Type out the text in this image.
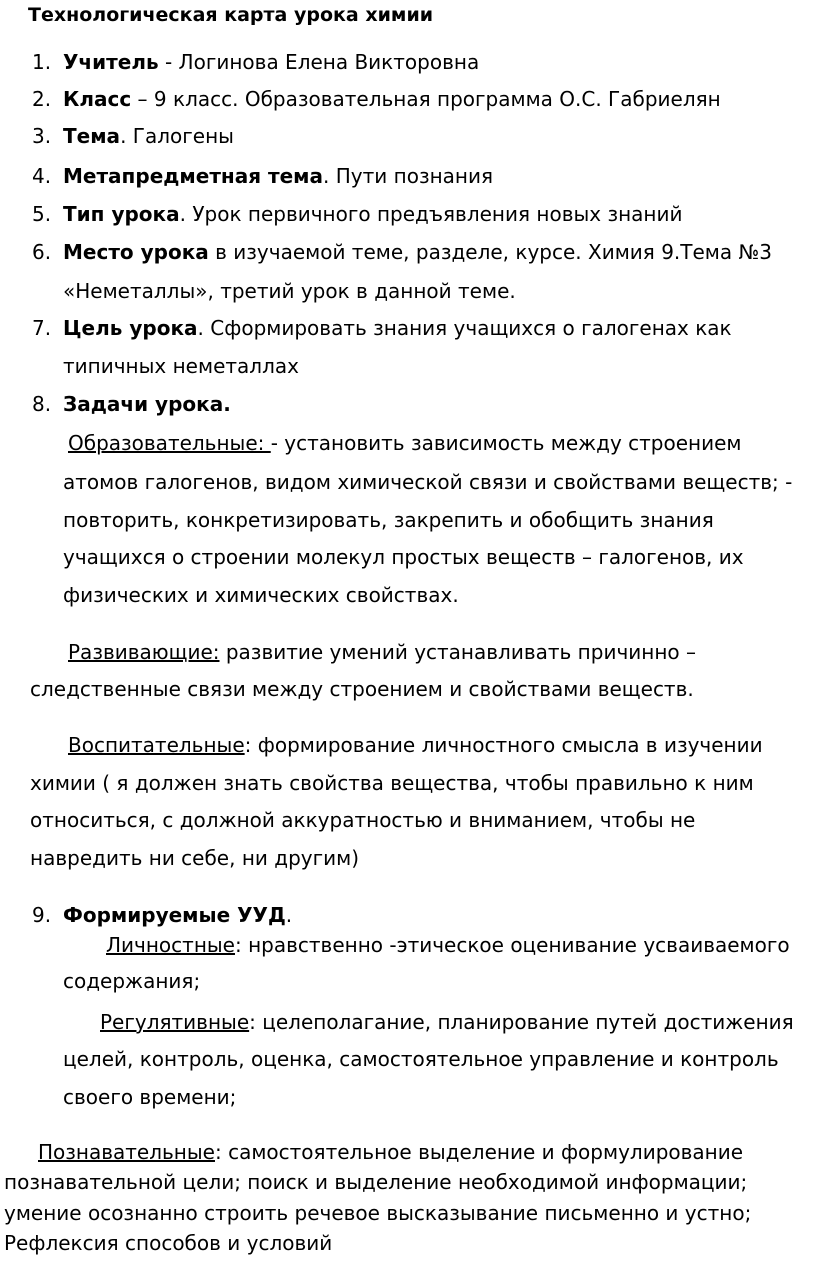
Технологическая карта урока химии
1. Учитель - Логинова Елена Викторовна
2. Класс – 9 класс. Образовательная программа О.С. Габриелян
3. Тема. Галогены
4. Метапредметная тема. Пути познания
5. Тип урока. Урок первичного предъявления новых знаний
6. Место урока в изучаемой теме, разделе, курсе. Химия 9.Тема №3
«Неметаллы», третий урок в данной теме.
7. Цель урока. Сформировать знания учащихся о галогенах как
типичных неметаллах
8. Задачи урока.
Образовательные: - установить зависимость между строением
атомов галогенов, видом химической связи и свойствами веществ; -
повторить, конкретизировать, закрепить и обобщить знания
учащихся о строении молекул простых веществ – галогенов, их
физических и химических свойствах.
Развивающие: развитие умений устанавливать причинно –
следственные связи между строением и свойствами веществ.
Воспитательные: формирование личностного смысла в изучении
химии ( я должен знать свойства вещества, чтобы правильно к ним
относиться, с должной аккуратностью и вниманием, чтобы не
навредить ни себе, ни другим)
9. Формируемые УУД.
Личностные: нравственно -этическое оценивание усваиваемого
содержания;
Регулятивные: целеполагание, планирование путей достижения
целей, контроль, оценка, самостоятельное управление и контроль
своего времени;
Познавательные: самостоятельное выделение и формулирование
познавательной цели; поиск и выделение необходимой информации;
умение осознанно строить речевое высказывание письменно и устно;
Рефлексия способов и условий
